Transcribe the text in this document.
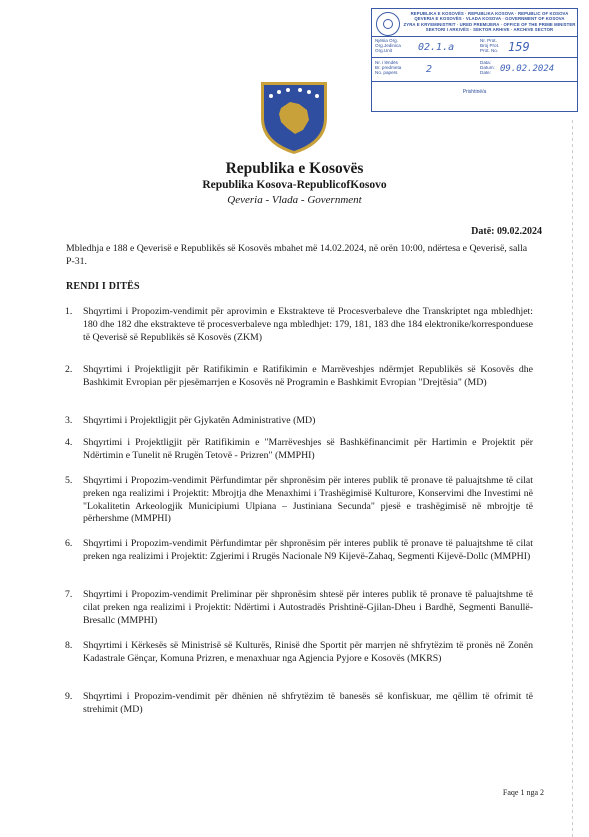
REPUBLIKA E KOSOVËS · REPUBLIKA KOSOVA · REPUBLIC OF KOSOVA
QEVERIA E KOSOVËS · VLADA KOSOVA · GOVERNMENT OF KOSOVA
ZYRA E KRYEMINISTRIT · URED PREMIJERA · OFFICE OF THE PRIME MINISTER
SEKTORI I ARKIVËS · SEKTOR ARHIVE · ARCHIVE SECTOR
Njësia Org.
Org.Jedinica
Org.Unit	02.1.a
Nr. Prot.
Broj Prot.
Prot. No. 159
Nr. i lëndës
Br. predmeta
No. papers	2
Data:
Datum:
Date:	09.02.2024
Prishtinë/a
Republika e Kosovës
Republika Kosova-RepublicofKosovo
Qeveria - Vlada - Government
Datë: 09.02.2024
Mbledhja e 188 e Qeverisë e Republikës së Kosovës mbahet më 14.02.2024, në orën 10:00, ndërtesa e Qeverisë, salla P-31.
RENDI I DITËS
1. Shqyrtimi i Propozim-vendimit për aprovimin e Ekstrakteve të Procesverbaleve dhe Transkriptet nga mbledhjet: 180 dhe 182 dhe ekstrakteve të procesverbaleve nga mbledhjet: 179, 181, 183 dhe 184 elektronike/korresponduese të Qeverisë së Republikës së Kosovës (ZKM)
2. Shqyrtimi i Projektligjit për Ratifikimin e Ratifikimin e Marrëveshjes ndërmjet Republikës së Kosovës dhe Bashkimit Evropian për pjesëmarrjen e Kosovës në Programin e Bashkimit Evropian "Drejtësia" (MD)
3. Shqyrtimi i Projektligjit për Gjykatën Administrative (MD)
4. Shqyrtimi i Projektligjit për Ratifikimin e "Marrëveshjes së Bashkëfinancimit për Hartimin e Projektit për Ndërtimin e Tunelit në Rrugën Tetovë - Prizren" (MMPHI)
5. Shqyrtimi i Propozim-vendimit Përfundimtar për shpronësim për interes publik të pronave të paluajtshme të cilat preken nga realizimi i Projektit: Mbrojtja dhe Menaxhimi i Trashëgimisë Kulturore, Konservimi dhe Investimi në "Lokalitetin Arkeologjik Municipiumi Ulpiana – Justiniana Secunda" pjesë e trashëgimisë në mbrojtje të përhershme (MMPHI)
6. Shqyrtimi i Propozim-vendimit Përfundimtar për shpronësim për interes publik të pronave të paluajtshme të cilat preken nga realizimi i Projektit: Zgjerimi i Rrugës Nacionale N9 Kijevë-Zahaq, Segmenti Kijevë-Dollc (MMPHI)
7. Shqyrtimi i Propozim-vendimit Preliminar për shpronësim shtesë për interes publik të pronave të paluajtshme të cilat preken nga realizimi i Projektit: Ndërtimi i Autostradës Prishtinë-Gjilan-Dheu i Bardhë, Segmenti Banullë-Bresallc (MMPHI)
8. Shqyrtimi i Kërkesës së Ministrisë së Kulturës, Rinisë dhe Sportit për marrjen në shfrytëzim të pronës në Zonën Kadastrale Gënçar, Komuna Prizren, e menaxhuar nga Agjencia Pyjore e Kosovës (MKRS)
9. Shqyrtimi i Propozim-vendimit për dhënien në shfrytëzim të banesës së konfiskuar, me qëllim të ofrimit të strehimit (MD)
Faqe 1 nga 2
